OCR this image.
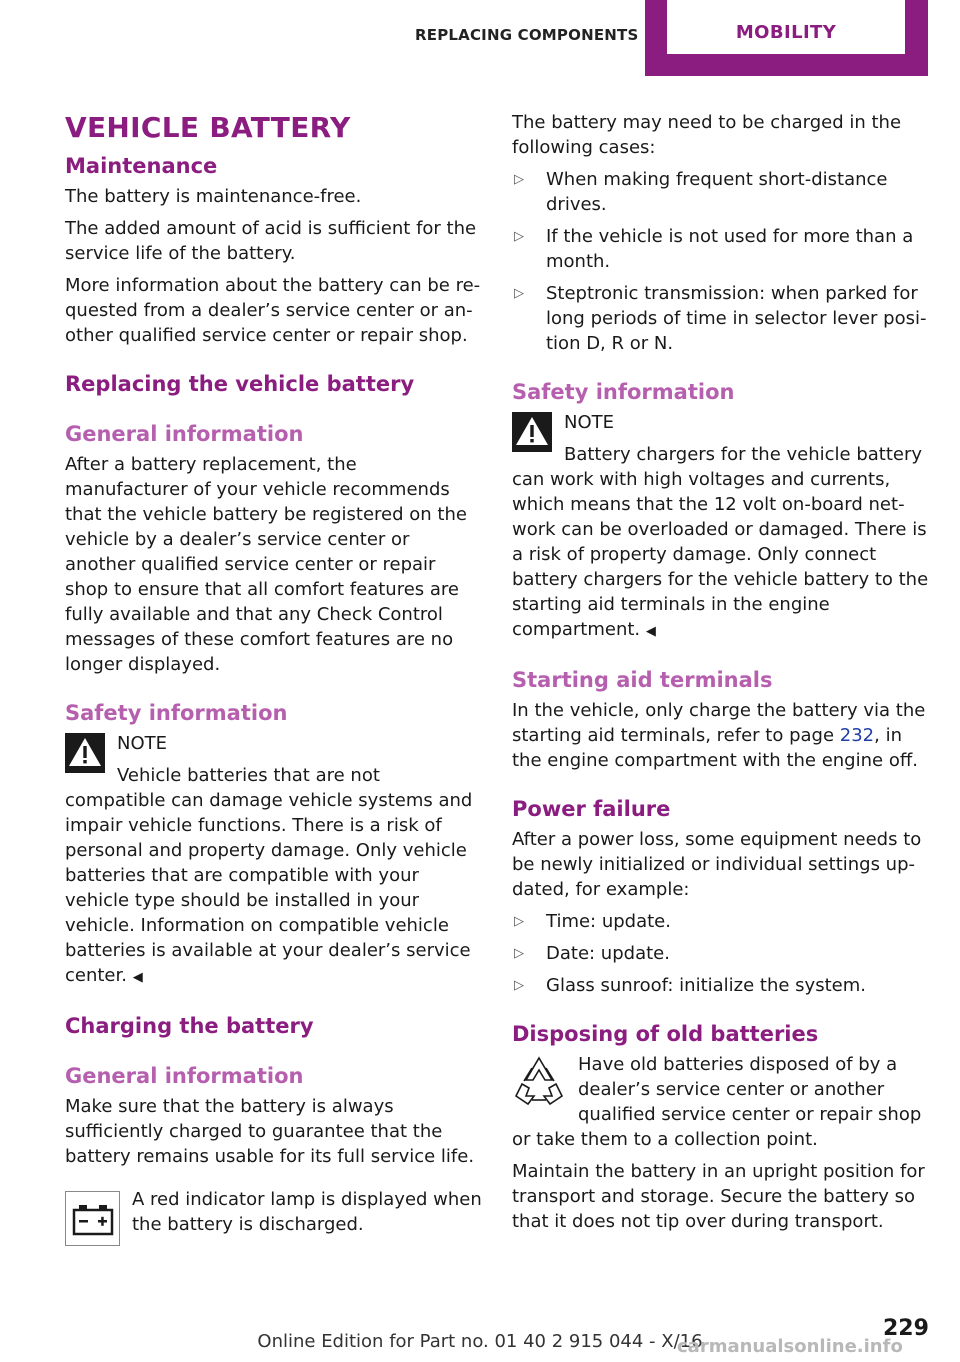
REPLACING COMPONENTS	MOBILITY
VEHICLE BATTERY
Maintenance

The battery is maintenance-free.

The added amount of acid is sufficient for the service life of the battery.

More information about the battery can be requested from a dealer’s service center or another qualified service center or repair shop.

Replacing the vehicle battery
General information

After a battery replacement, the manufacturer of your vehicle recommends that the vehicle battery be registered on the vehicle by a dealer’s service center or another qualified service center or repair shop to ensure that all comfort features are fully available and that any Check Control messages of these comfort features are no longer displayed.

Safety information
NOTE
Vehicle batteries that are not compatible can damage vehicle systems and impair vehicle functions. There is a risk of personal and property damage. Only vehicle batteries that are compatible with your vehicle type should be installed in your vehicle. Information on compatible vehicle batteries is available at your dealer’s service center. ◀
Charging the battery
General information

Make sure that the battery is always sufficiently charged to guarantee that the battery remains usable for its full service life.

A red indicator lamp is displayed when the battery is discharged.

The battery may need to be charged in the following cases:

▷ When making frequent short-distance drives.
▷ If the vehicle is not used for more than a month.
▷ Steptronic transmission: when parked for long periods of time in selector lever position D, R or N.
Safety information
NOTE
Battery chargers for the vehicle battery can work with high voltages and currents, which means that the 12 volt on-board network can be overloaded or damaged. There is a risk of property damage. Only connect battery chargers for the vehicle battery to the starting aid terminals in the engine compartment. ◀
Starting aid terminals

In the vehicle, only charge the battery via the starting aid terminals, refer to page 232, in the engine compartment with the engine off.

Power failure

After a power loss, some equipment needs to be newly initialized or individual settings updated, for example:

▷ Time: update.
▷ Date: update.
▷ Glass sunroof: initialize the system.
Disposing of old batteries

Have old batteries disposed of by a dealer’s service center or another qualified service center or repair shop or take them to a collection point.

Maintain the battery in an upright position for transport and storage. Secure the battery so that it does not tip over during transport.

Online Edition for Part no. 01 40 2 915 044 - X/16
229
carmanualsonline.info
